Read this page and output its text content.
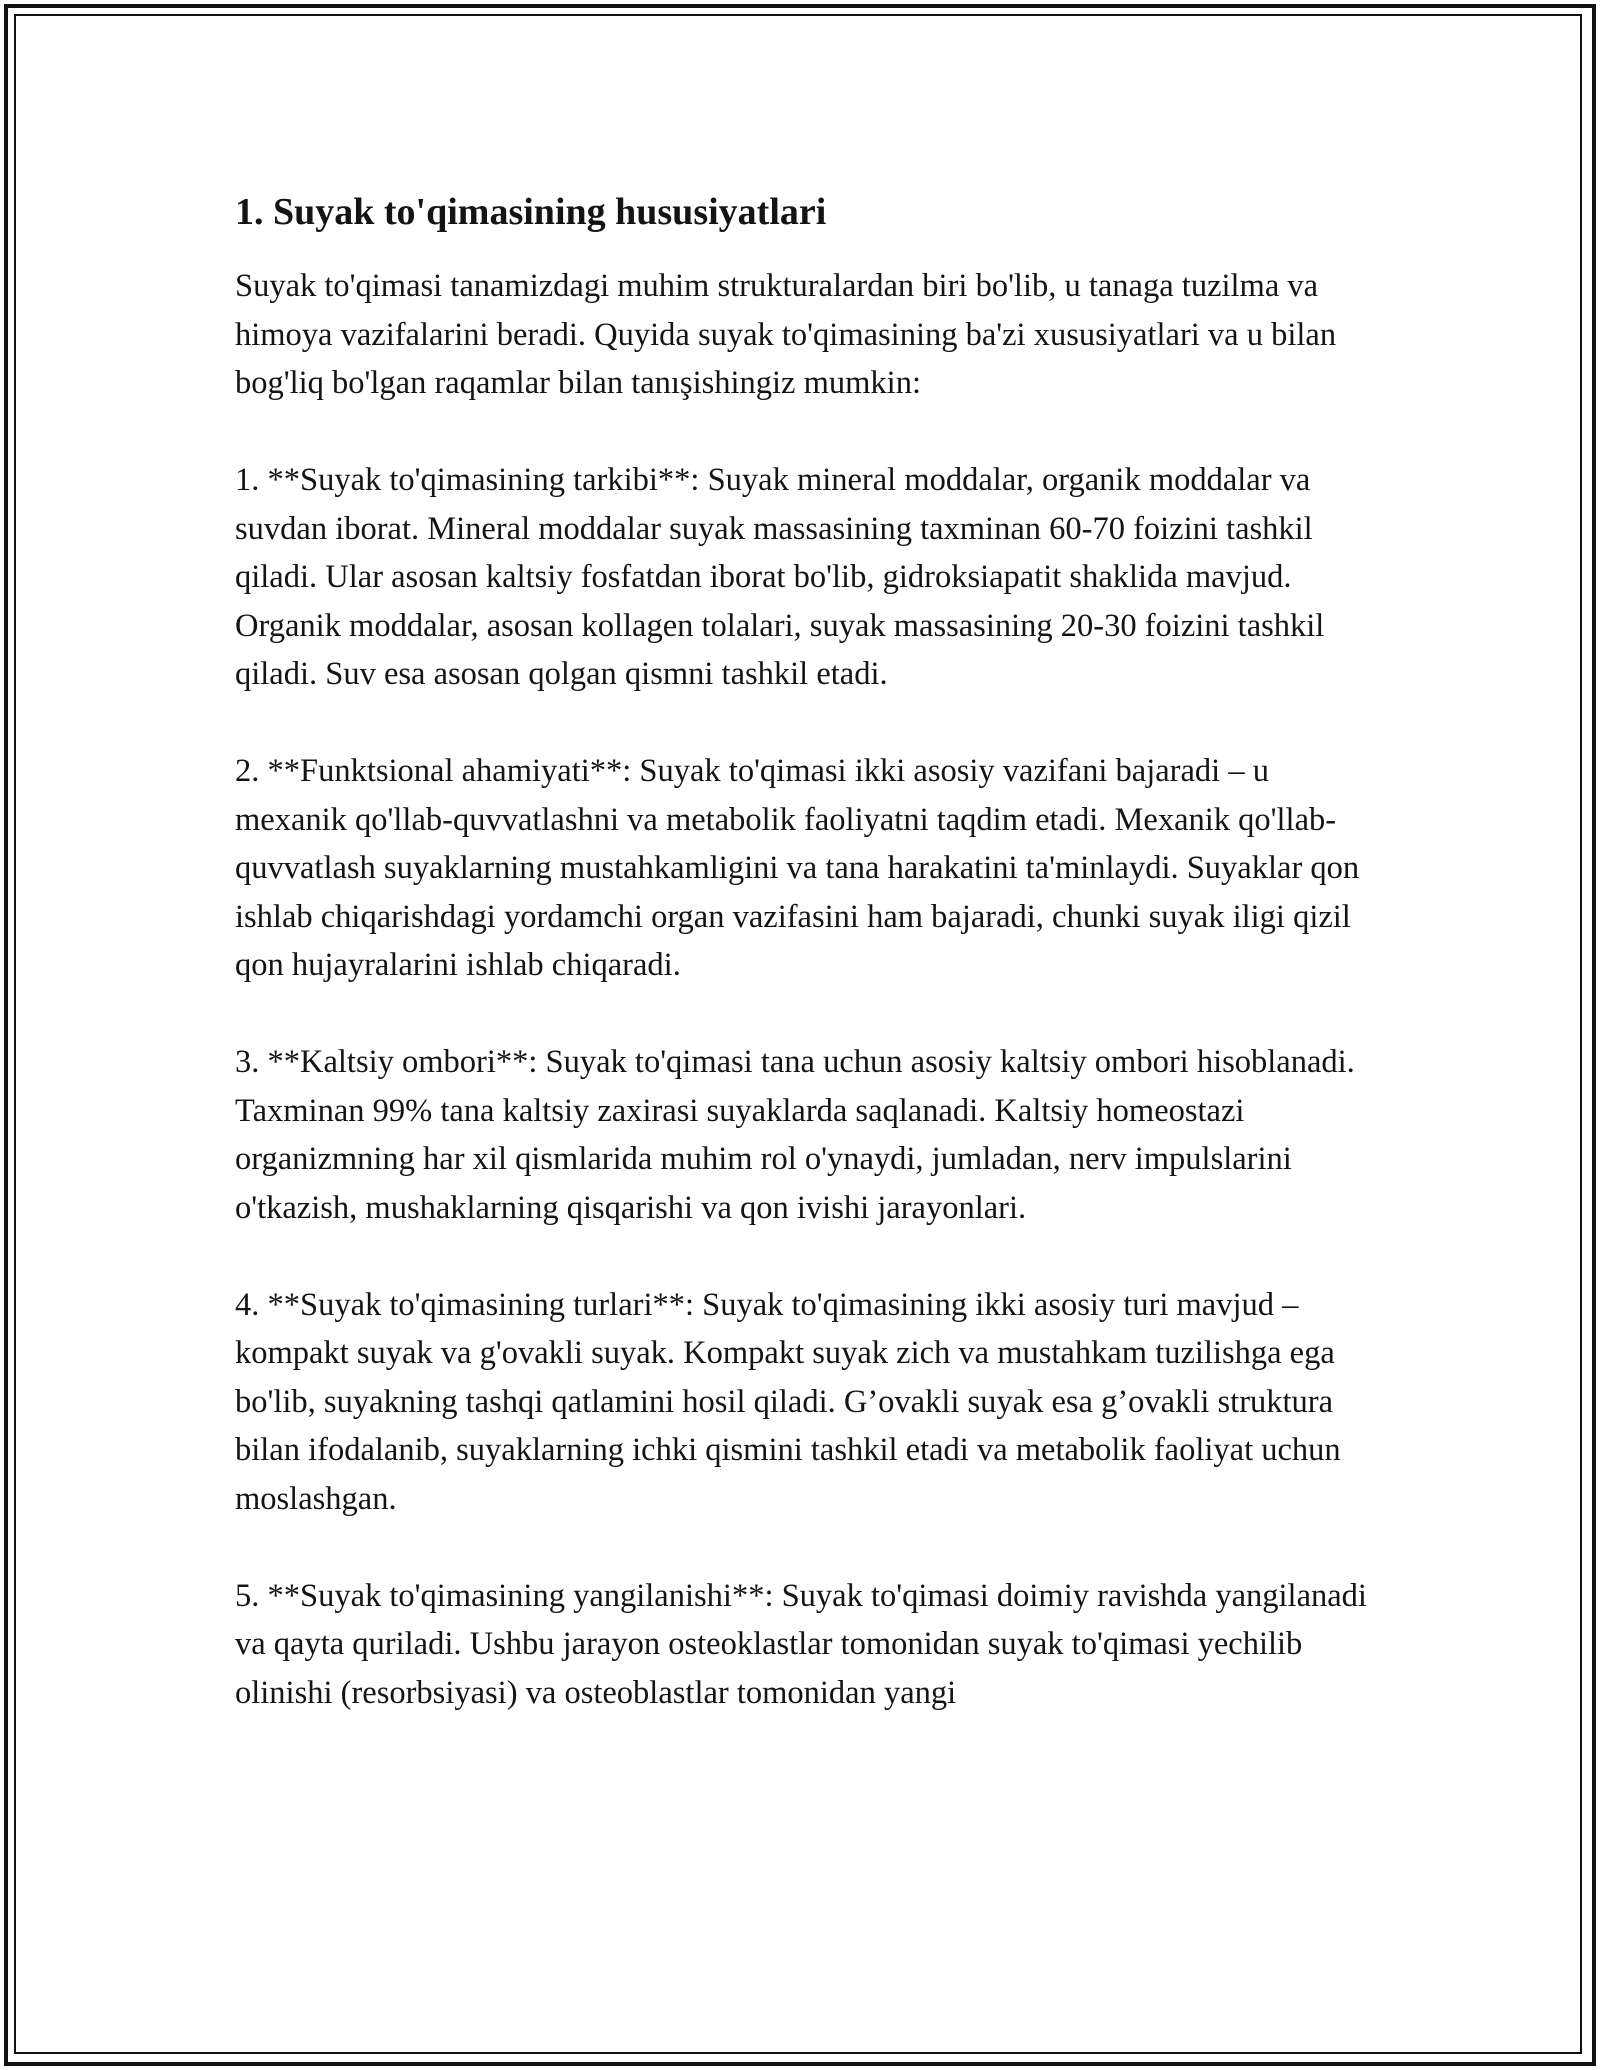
1. Suyak to'qimasining hususiyatlari

Suyak to'qimasi tanamizdagi muhim strukturalardan biri bo'lib, u tanaga tuzilma va himoya vazifalarini beradi. Quyida suyak to'qimasining ba'zi xususiyatlari va u bilan bog'liq bo'lgan raqamlar bilan tanışishingiz mumkin:

1. **Suyak to'qimasining tarkibi**: Suyak mineral moddalar, organik moddalar va suvdan iborat. Mineral moddalar suyak massasining taxminan 60-70 foizini tashkil qiladi. Ular asosan kaltsiy fosfatdan iborat bo'lib, gidroksiapatit shaklida mavjud. Organik moddalar, asosan kollagen tolalari, suyak massasining 20-30 foizini tashkil qiladi. Suv esa asosan qolgan qismni tashkil etadi.

2. **Funktsional ahamiyati**: Suyak to'qimasi ikki asosiy vazifani bajaradi – u mexanik qo'llab-quvvatlashni va metabolik faoliyatni taqdim etadi. Mexanik qo'llab-quvvatlash suyaklarning mustahkamligini va tana harakatini ta'minlaydi. Suyaklar qon ishlab chiqarishdagi yordamchi organ vazifasini ham bajaradi, chunki suyak iligi qizil qon hujayralarini ishlab chiqaradi.

3. **Kaltsiy ombori**: Suyak to'qimasi tana uchun asosiy kaltsiy ombori hisoblanadi. Taxminan 99% tana kaltsiy zaxirasi suyaklarda saqlanadi. Kaltsiy homeostazi organizmning har xil qismlarida muhim rol o'ynaydi, jumladan, nerv impulslarini o'tkazish, mushaklarning qisqarishi va qon ivishi jarayonlari.

4. **Suyak to'qimasining turlari**: Suyak to'qimasining ikki asosiy turi mavjud – kompakt suyak va g'ovakli suyak. Kompakt suyak zich va mustahkam tuzilishga ega bo'lib, suyakning tashqi qatlamini hosil qiladi. G’ovakli suyak esa g’ovakli struktura bilan ifodalanib, suyaklarning ichki qismini tashkil etadi va metabolik faoliyat uchun moslashgan.

5. **Suyak to'qimasining yangilanishi**: Suyak to'qimasi doimiy ravishda yangilanadi va qayta quriladi. Ushbu jarayon osteoklastlar tomonidan suyak to'qimasi yechilib olinishi (resorbsiyasi) va osteoblastlar tomonidan yangi
